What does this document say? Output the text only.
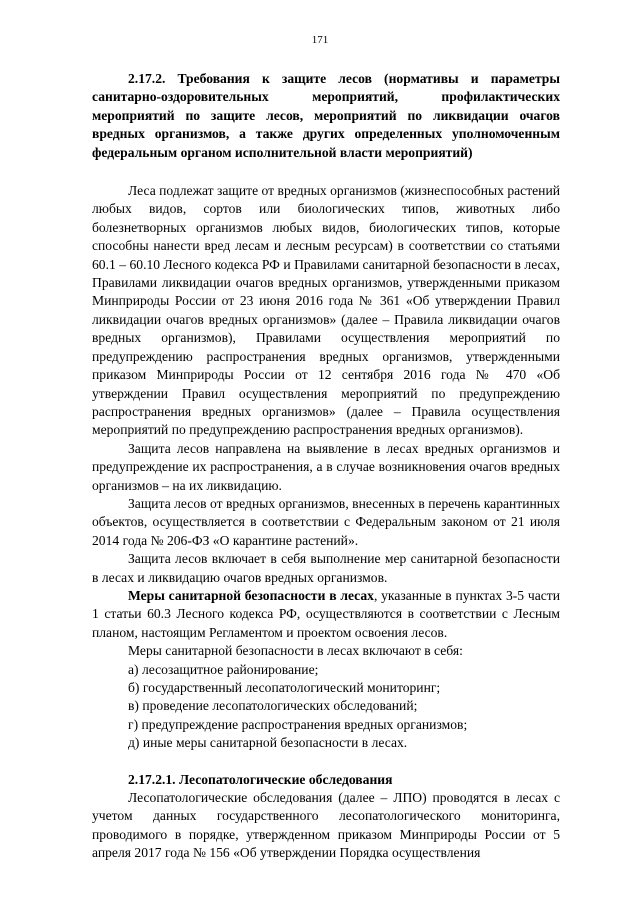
171

2.17.2. Требования к защите лесов (нормативы и параметры санитарно-оздоровительных мероприятий, профилактических мероприятий по защите лесов, мероприятий по ликвидации очагов вредных организмов, а также других определенных уполномоченным федеральным органом исполнительной власти мероприятий)

Леса подлежат защите от вредных организмов (жизнеспособных растений любых видов, сортов или биологических типов, животных либо болезнетворных организмов любых видов, биологических типов, которые способны нанести вред лесам и лесным ресурсам) в соответствии со статьями 60.1 – 60.10 Лесного кодекса РФ и Правилами санитарной безопасности в лесах, Правилами ликвидации очагов вредных организмов, утвержденными приказом Минприроды России от 23 июня 2016 года № 361 «Об утверждении Правил ликвидации очагов вредных организмов» (далее – Правила ликвидации очагов вредных организмов), Правилами осуществления мероприятий по предупреждению распространения вредных организмов, утвержденными приказом Минприроды России от 12 сентября 2016 года № 470 «Об утверждении Правил осуществления мероприятий по предупреждению распространения вредных организмов» (далее – Правила осуществления мероприятий по предупреждению распространения вредных организмов).

Защита лесов направлена на выявление в лесах вредных организмов и предупреждение их распространения, а в случае возникновения очагов вредных организмов – на их ликвидацию.

Защита лесов от вредных организмов, внесенных в перечень карантинных объектов, осуществляется в соответствии с Федеральным законом от 21 июля 2014 года № 206-ФЗ «О карантине растений».

Защита лесов включает в себя выполнение мер санитарной безопасности в лесах и ликвидацию очагов вредных организмов.

Меры санитарной безопасности в лесах, указанные в пунктах 3-5 части 1 статьи 60.3 Лесного кодекса РФ, осуществляются в соответствии с Лесным планом, настоящим Регламентом и проектом освоения лесов.

Меры санитарной безопасности в лесах включают в себя:

а) лесозащитное районирование;

б) государственный лесопатологический мониторинг;

в) проведение лесопатологических обследований;

г) предупреждение распространения вредных организмов;

д) иные меры санитарной безопасности в лесах.

2.17.2.1. Лесопатологические обследования

Лесопатологические обследования (далее – ЛПО) проводятся в лесах с учетом данных государственного лесопатологического мониторинга, проводимого в порядке, утвержденном приказом Минприроды России от 5 апреля 2017 года № 156 «Об утверждении Порядка осуществления
